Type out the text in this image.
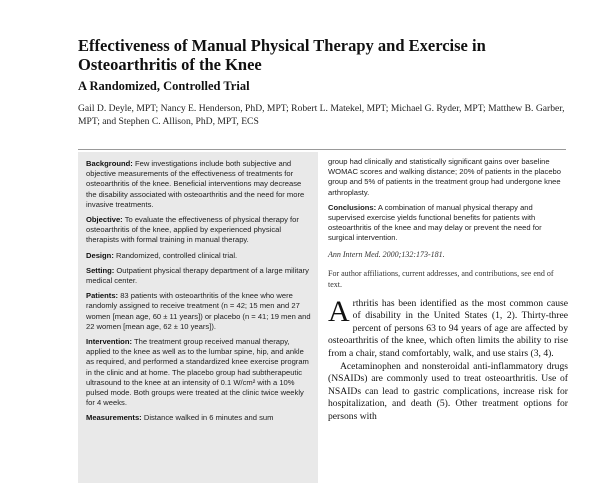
Effectiveness of Manual Physical Therapy and Exercise in Osteoarthritis of the Knee
A Randomized, Controlled Trial
Gail D. Deyle, MPT; Nancy E. Henderson, PhD, MPT; Robert L. Matekel, MPT; Michael G. Ryder, MPT; Matthew B. Garber, MPT; and Stephen C. Allison, PhD, MPT, ECS

Background: Few investigations include both subjective and objective measurements of the effectiveness of treatments for osteoarthritis of the knee. Beneficial interventions may decrease the disability associated with osteoarthritis and the need for more invasive treatments.

Objective: To evaluate the effectiveness of physical therapy for osteoarthritis of the knee, applied by experienced physical therapists with formal training in manual therapy.

Design: Randomized, controlled clinical trial.

Setting: Outpatient physical therapy department of a large military medical center.

Patients: 83 patients with osteoarthritis of the knee who were randomly assigned to receive treatment (n = 42; 15 men and 27 women [mean age, 60 ± 11 years]) or placebo (n = 41; 19 men and 22 women [mean age, 62 ± 10 years]).

Intervention: The treatment group received manual therapy, applied to the knee as well as to the lumbar spine, hip, and ankle as required, and performed a standardized knee exercise program in the clinic and at home. The placebo group had subtherapeutic ultrasound to the knee at an intensity of 0.1 W/cm² with a 10% pulsed mode. Both groups were treated at the clinic twice weekly for 4 weeks.

Measurements: Distance walked in 6 minutes and sum

group had clinically and statistically significant gains over baseline WOMAC scores and walking distance; 20% of patients in the placebo group and 5% of patients in the treatment group had undergone knee arthroplasty.

Conclusions: A combination of manual physical therapy and supervised exercise yields functional benefits for patients with osteoarthritis of the knee and may delay or prevent the need for surgical intervention.

Ann Intern Med. 2000;132:173-181.

For author affiliations, current addresses, and contributions, see end of text.

Arthritis has been identified as the most common cause of disability in the United States (1, 2). Thirty-three percent of persons 63 to 94 years of age are affected by osteoarthritis of the knee, which often limits the ability to rise from a chair, stand comfortably, walk, and use stairs (3, 4).

Acetaminophen and nonsteroidal anti-inflammatory drugs (NSAIDs) are commonly used to treat osteoarthritis. Use of NSAIDs can lead to gastric complications, increase risk for hospitalization, and death (5). Other treatment options for persons with
